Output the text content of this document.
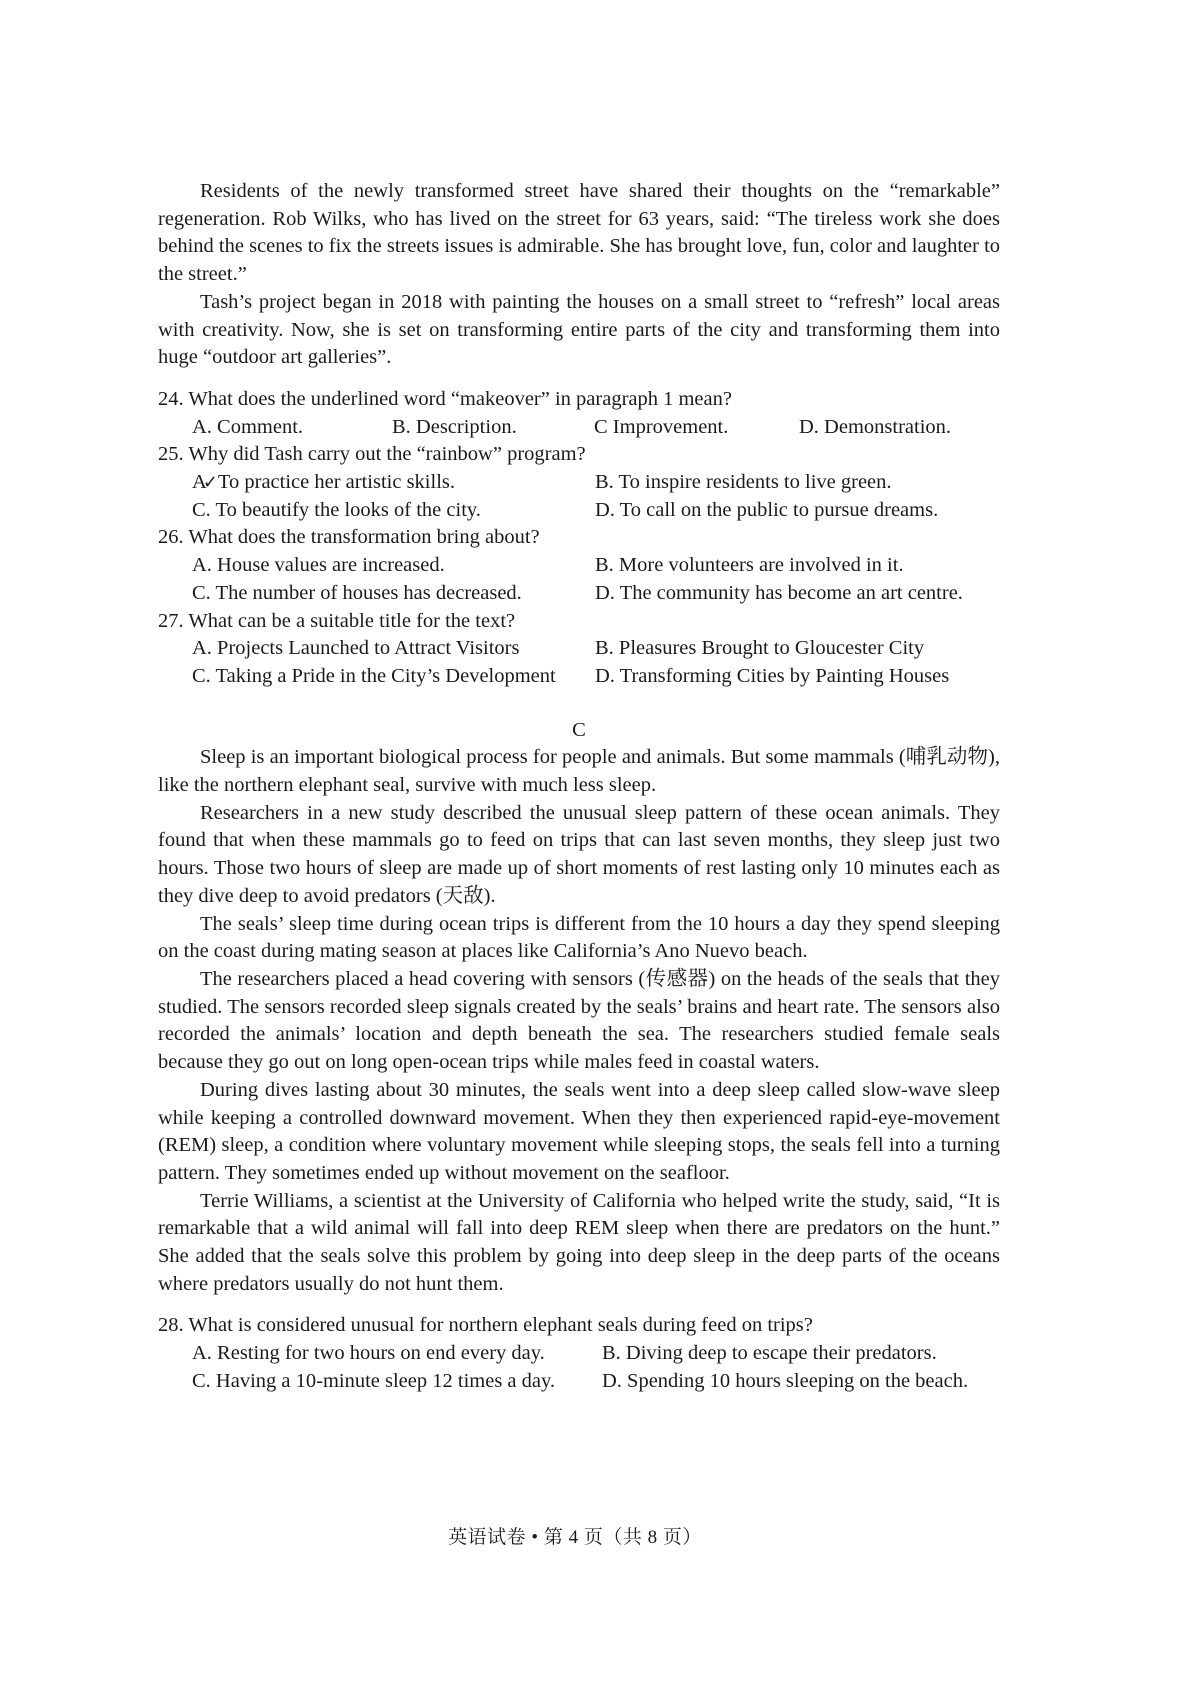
Residents of the newly transformed street have shared their thoughts on the “remarkable” regeneration. Rob Wilks, who has lived on the street for 63 years, said: “The tireless work she does behind the scenes to fix the streets issues is admirable. She has brought love, fun, color and laughter to the street.”

Tash’s project began in 2018 with painting the houses on a small street to “refresh” local areas with creativity. Now, she is set on transforming entire parts of the city and transforming them into huge “outdoor art galleries”.

24. What does the underlined word “makeover” in paragraph 1 mean?
A. Comment.	B. Description.	C Improvement.	D. Demonstration.
25. Why did Tash carry out the “rainbow” program?
A✓To practice her artistic skills.	B. To inspire residents to live green.
C. To beautify the looks of the city.	D. To call on the public to pursue dreams.
26. What does the transformation bring about?
A. House values are increased.	B. More volunteers are involved in it.
C. The number of houses has decreased.	D. The community has become an art centre.
27. What can be a suitable title for the text?
A. Projects Launched to Attract Visitors	B. Pleasures Brought to Gloucester City
C. Taking a Pride in the City’s Development	D. Transforming Cities by Painting Houses

C

Sleep is an important biological process for people and animals. But some mammals (哺乳动物), like the northern elephant seal, survive with much less sleep.

Researchers in a new study described the unusual sleep pattern of these ocean animals. They found that when these mammals go to feed on trips that can last seven months, they sleep just two hours. Those two hours of sleep are made up of short moments of rest lasting only 10 minutes each as they dive deep to avoid predators (天敌).

The seals’ sleep time during ocean trips is different from the 10 hours a day they spend sleeping on the coast during mating season at places like California’s Ano Nuevo beach.

The researchers placed a head covering with sensors (传感器) on the heads of the seals that they studied. The sensors recorded sleep signals created by the seals’ brains and heart rate. The sensors also recorded the animals’ location and depth beneath the sea. The researchers studied female seals because they go out on long open-ocean trips while males feed in coastal waters.

During dives lasting about 30 minutes, the seals went into a deep sleep called slow-wave sleep while keeping a controlled downward movement. When they then experienced rapid-eye-movement (REM) sleep, a condition where voluntary movement while sleeping stops, the seals fell into a turning pattern. They sometimes ended up without movement on the seafloor.

Terrie Williams, a scientist at the University of California who helped write the study, said, “It is remarkable that a wild animal will fall into deep REM sleep when there are predators on the hunt.” She added that the seals solve this problem by going into deep sleep in the deep parts of the oceans where predators usually do not hunt them.

28. What is considered unusual for northern elephant seals during feed on trips?
A. Resting for two hours on end every day.	B. Diving deep to escape their predators.
C. Having a 10-minute sleep 12 times a day.	D. Spending 10 hours sleeping on the beach.
英语试卷 • 第 4 页（共 8 页）
